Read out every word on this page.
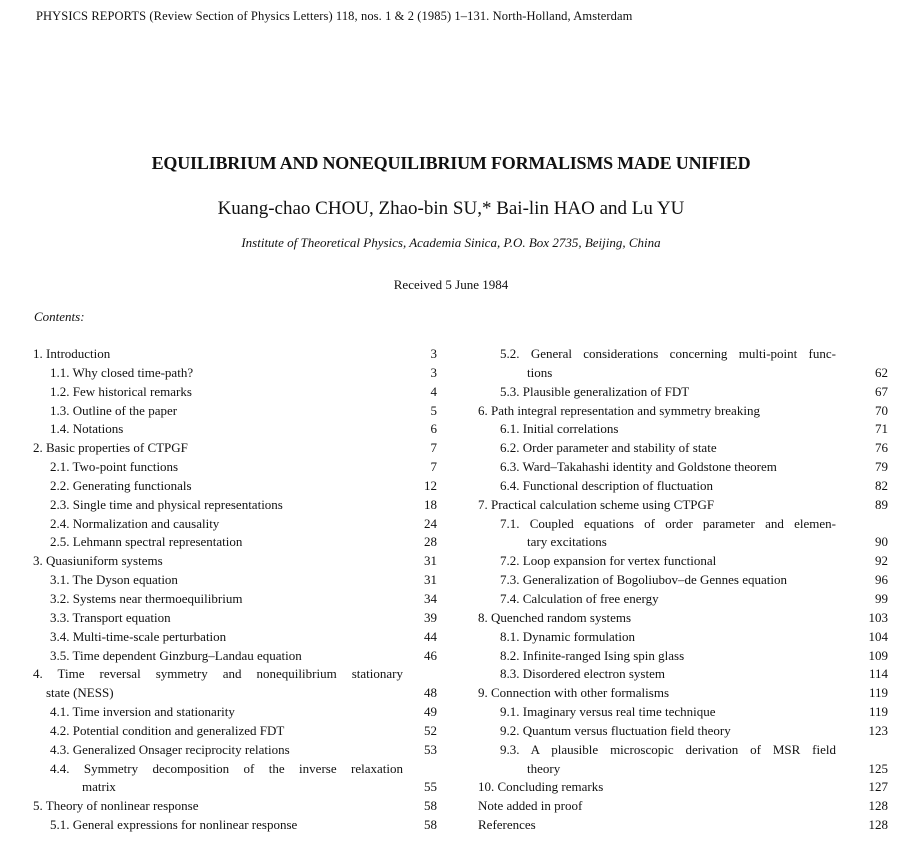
PHYSICS REPORTS (Review Section of Physics Letters) 118, nos. 1 & 2 (1985) 1–131. North-Holland, Amsterdam
EQUILIBRIUM AND NONEQUILIBRIUM FORMALISMS MADE UNIFIED
Kuang-chao CHOU, Zhao-bin SU,* Bai-lin HAO and Lu YU
Institute of Theoretical Physics, Academia Sinica, P.O. Box 2735, Beijing, China
Received 5 June 1984
Contents:
1. Introduction	3
1.1. Why closed time-path?	3
1.2. Few historical remarks	4
1.3. Outline of the paper	5
1.4. Notations	6
2. Basic properties of CTPGF	7
2.1. Two-point functions	7
2.2. Generating functionals	12
2.3. Single time and physical representations	18
2.4. Normalization and causality	24
2.5. Lehmann spectral representation	28
3. Quasiuniform systems	31
3.1. The Dyson equation	31
3.2. Systems near thermoequilibrium	34
3.3. Transport equation	39
3.4. Multi-time-scale perturbation	44
3.5. Time dependent Ginzburg–Landau equation	46
4. Time reversal symmetry and nonequilibrium stationary
state (NESS)	48
4.1. Time inversion and stationarity	49
4.2. Potential condition and generalized FDT	52
4.3. Generalized Onsager reciprocity relations	53
4.4. Symmetry decomposition of the inverse relaxation
matrix	55
5. Theory of nonlinear response	58
5.1. General expressions for nonlinear response	58
5.2. General considerations concerning multi-point func-
tions	62
5.3. Plausible generalization of FDT	67
6. Path integral representation and symmetry breaking	70
6.1. Initial correlations	71
6.2. Order parameter and stability of state	76
6.3. Ward–Takahashi identity and Goldstone theorem	79
6.4. Functional description of fluctuation	82
7. Practical calculation scheme using CTPGF	89
7.1. Coupled equations of order parameter and elemen-
tary excitations	90
7.2. Loop expansion for vertex functional	92
7.3. Generalization of Bogoliubov–de Gennes equation	96
7.4. Calculation of free energy	99
8. Quenched random systems	103
8.1. Dynamic formulation	104
8.2. Infinite-ranged Ising spin glass	109
8.3. Disordered electron system	114
9. Connection with other formalisms	119
9.1. Imaginary versus real time technique	119
9.2. Quantum versus fluctuation field theory	123
9.3. A plausible microscopic derivation of MSR field
theory	125
10. Concluding remarks	127
Note added in proof	128
References	128
